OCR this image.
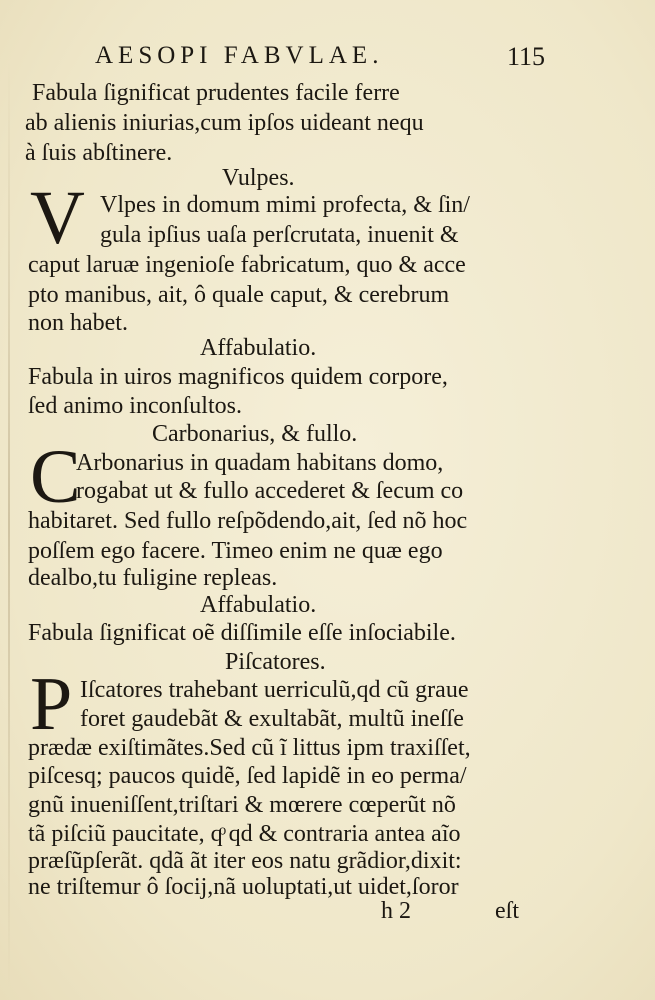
AESOPI FABVLAE.	115
Fabula ſignificat prudentes facile ferre
ab alienis iniurias,cum ipſos uideant nequ
à ſuis abſtinere.
Vulpes.
V Vlpes in domum mimi profecta, & ſin/
gula ipſius uaſa perſcrutata, inuenit &
caput laruæ ingenioſe fabricatum, quo & acce
pto manibus, ait, ô quale caput, & cerebrum
non habet.
Affabulatio.
Fabula in uiros magnificos quidem corpore,
ſed animo inconſultos.
Carbonarius, & fullo.
C
Arbonarius in quadam habitans domo,
rogabat ut & fullo accederet & ſecum co
habitaret. Sed fullo reſpõdendo,ait, ſed nõ hoc
poſſem ego facere. Timeo enim ne quæ ego
dealbo,tu fuligine repleas.
Affabulatio.
Fabula ſignificat oẽ diſſimile eſſe inſociabile.
Piſcatores.
P Iſcatores trahebant uerriculũ,qd cũ graue
foret gaudebãt & exultabãt, multũ ineſſe
prædæ exiſtimãtes.Sed cũ ĩ littus ipm traxiſſet,
piſcesq; paucos quidẽ, ſed lapidẽ in eo perma/
gnũ inueniſſent,triſtari & mœrere cœperũt nõ
tã piſciũ paucitate, qͦ qd & contraria antea aĩo
præſũpſerãt. qdã ãt iter eos natu grãdior,dixit:
ne triſtemur ô ſocij,nã uoluptati,ut uidet,ſoror
h 2	eſt
